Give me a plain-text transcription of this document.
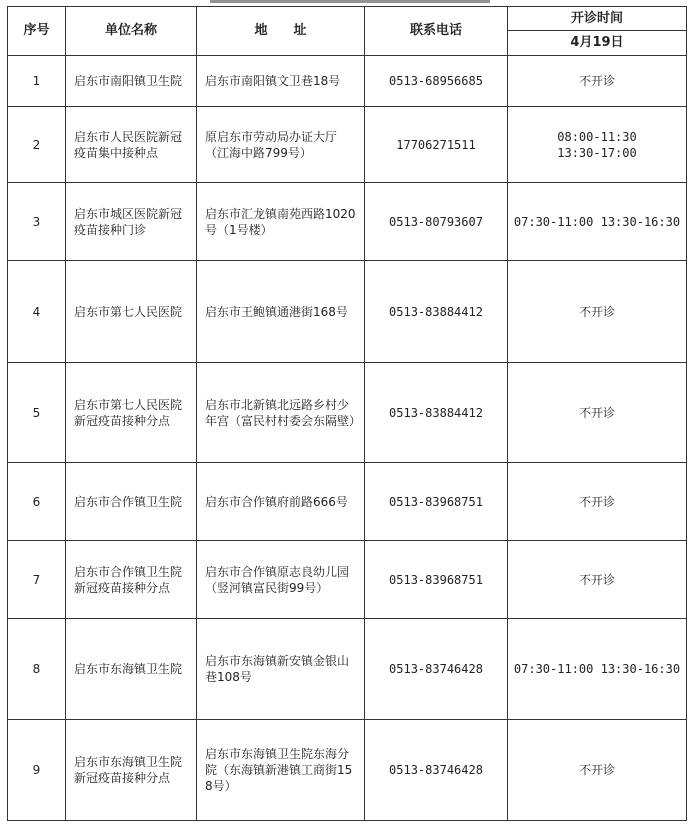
序号	单位名称	地　　址	联系电话	开诊时间
				4月19日
1	启东市南阳镇卫生院	启东市南阳镇文卫巷18号	0513-68956685	不开诊
2	启东市人民医院新冠疫苗集中接种点	原启东市劳动局办证大厅（江海中路799号）	17706271511	08:00-11:30
13:30-17:00
3	启东市城区医院新冠疫苗接种门诊	启东市汇龙镇南苑西路1020号（1号楼）	0513-80793607	07:30-11:00 13:30-16:30
4	启东市第七人民医院	启东市王鲍镇通港街168号	0513-83884412	不开诊
5	启东市第七人民医院新冠疫苗接种分点	启东市北新镇北远路乡村少年宫（富民村村委会东隔壁）	0513-83884412	不开诊
6	启东市合作镇卫生院	启东市合作镇府前路666号	0513-83968751	不开诊
7	启东市合作镇卫生院新冠疫苗接种分点	启东市合作镇原志良幼儿园（竖河镇富民街99号）	0513-83968751	不开诊
8	启东市东海镇卫生院	启东市东海镇新安镇金银山巷108号	0513-83746428	07:30-11:00 13:30-16:30
9	启东市东海镇卫生院新冠疫苗接种分点	启东市东海镇卫生院东海分院（东海镇新港镇工商街158号）	0513-83746428	不开诊
